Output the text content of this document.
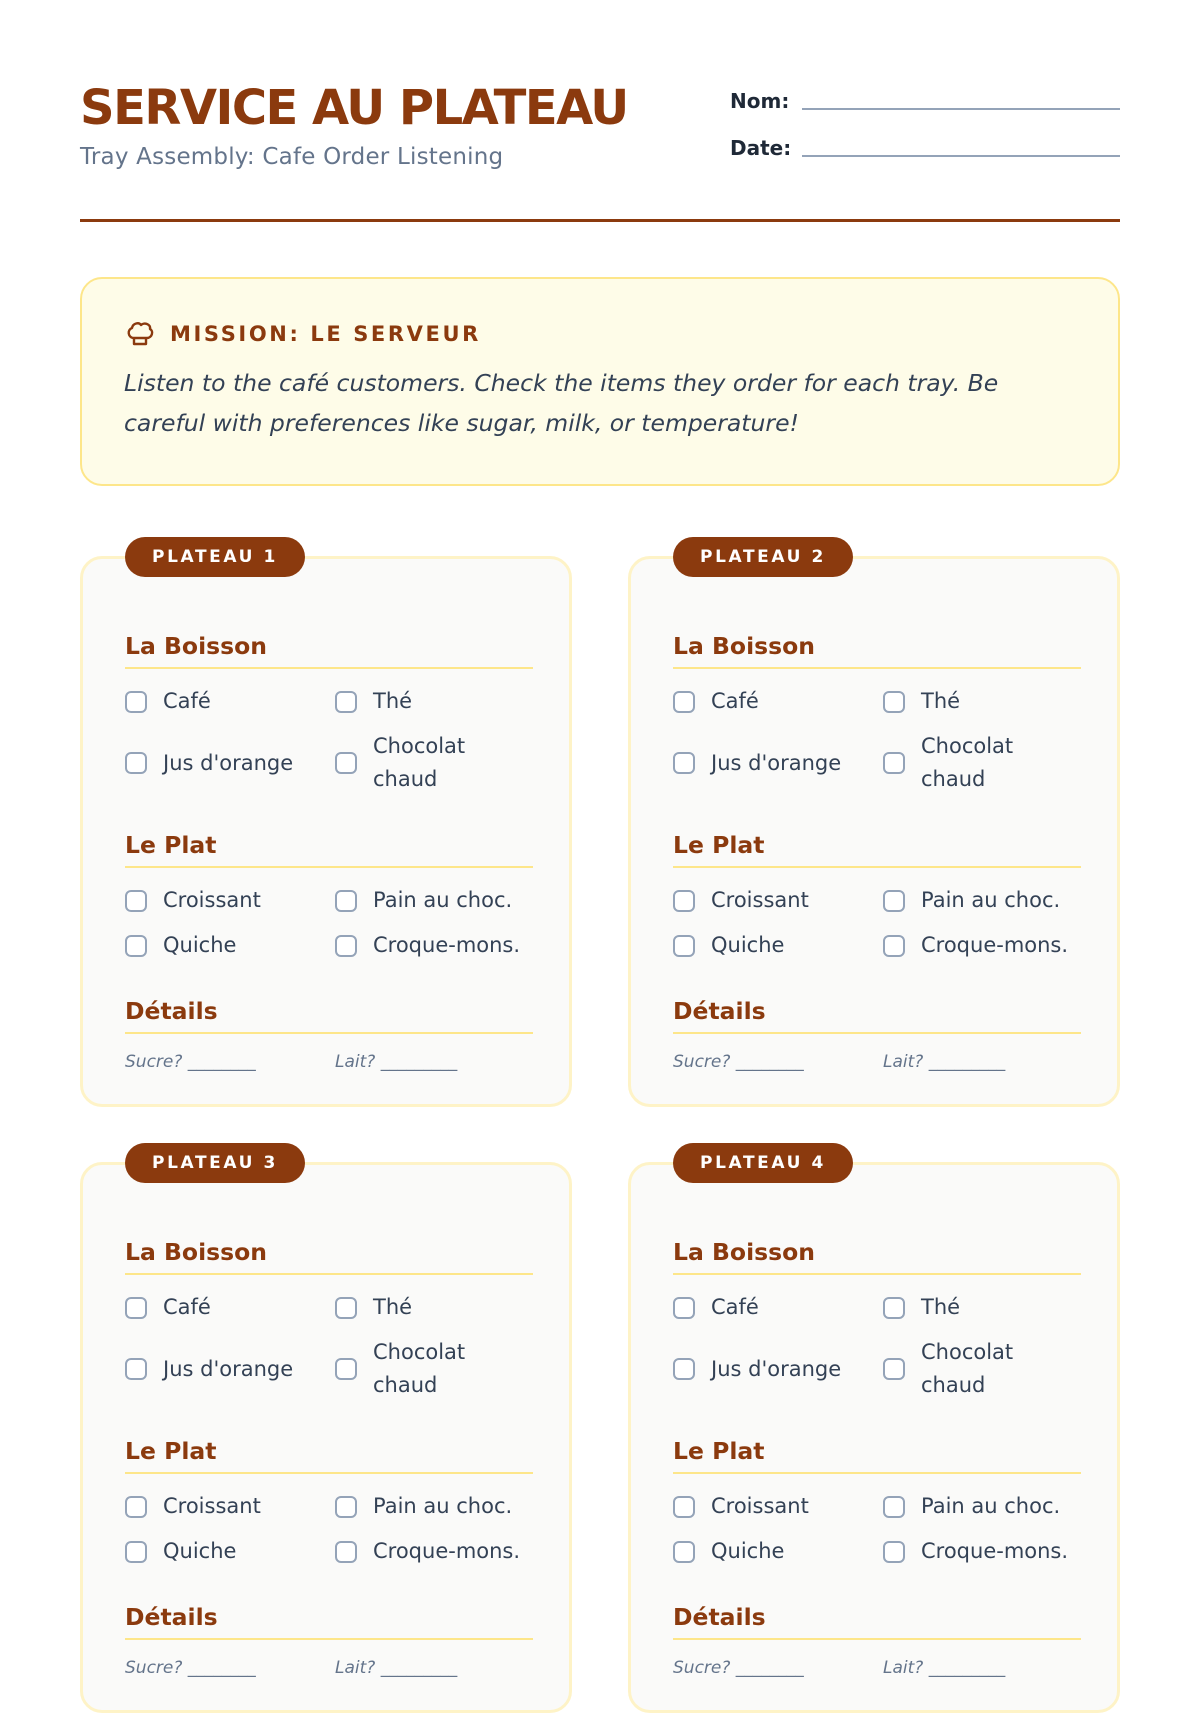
SERVICE AU PLATEAU
Tray Assembly: Cafe Order Listening
Nom:
Date:
MISSION: LE SERVEUR
Listen to the café customers. Check the items they order for each tray. Be careful with preferences like sugar, milk, or temperature!
PLATEAU 1
La Boisson
Café	Thé
Jus d'orange
Chocolat chaud
Le Plat
Croissant	Pain au choc.
Quiche	Croque-mons.
Détails
Sucre? ________	Lait? _________
PLATEAU 2
La Boisson
Café	Thé
Jus d'orange
Chocolat chaud
Le Plat
Croissant	Pain au choc.
Quiche	Croque-mons.
Détails
Sucre? ________	Lait? _________
PLATEAU 3
La Boisson
Café	Thé
Jus d'orange
Chocolat chaud
Le Plat
Croissant	Pain au choc.
Quiche	Croque-mons.
Détails
Sucre? ________	Lait? _________
PLATEAU 4
La Boisson
Café	Thé
Jus d'orange
Chocolat chaud
Le Plat
Croissant	Pain au choc.
Quiche	Croque-mons.
Détails
Sucre? ________	Lait? _________
